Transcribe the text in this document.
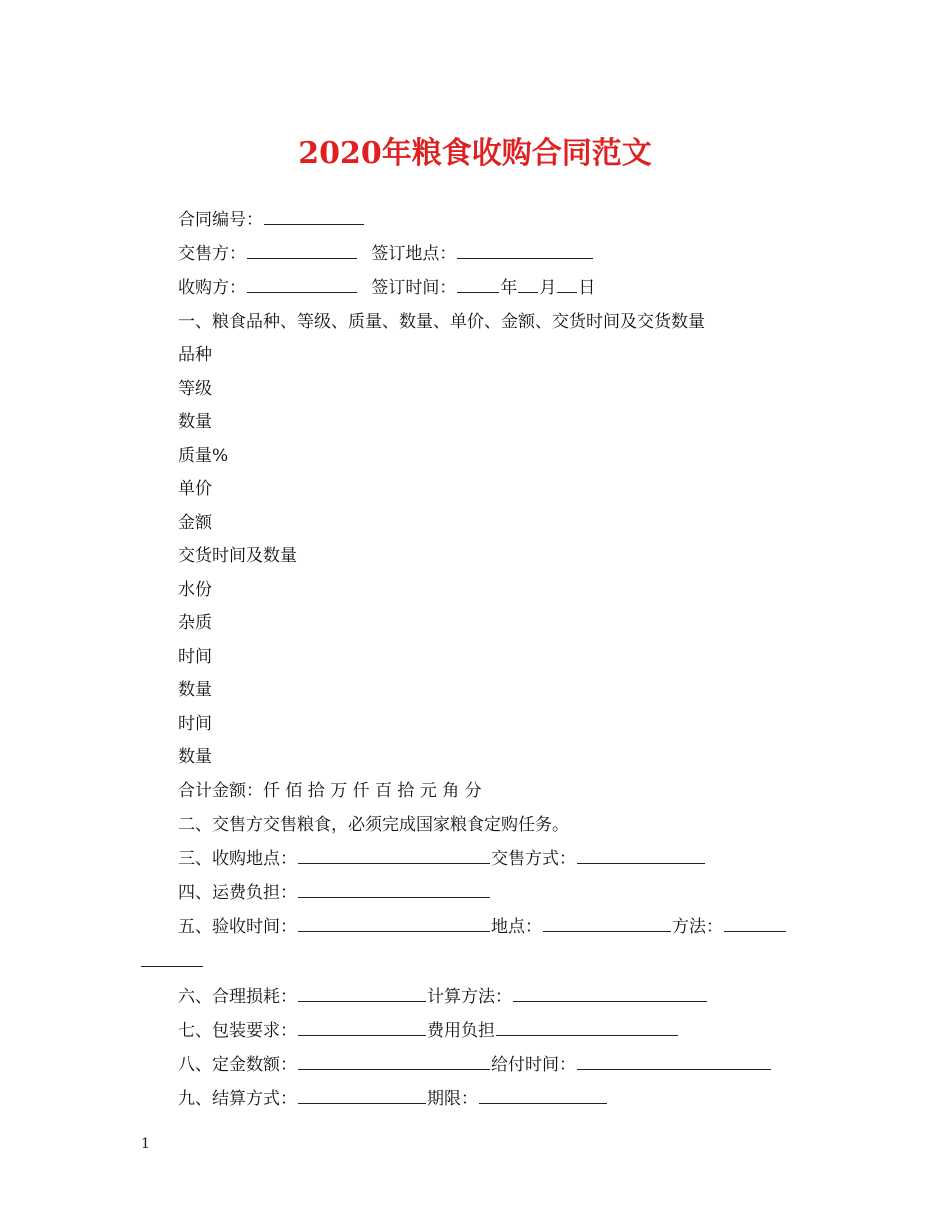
2020年粮食收购合同范文
合同编号：
交售方：	签订地点：
收购方：	签订时间：	年 月 日
一、粮食品种、等级、质量、数量、单价、金额、交货时间及交货数量
品种
等级
数量
质量%
单价
金额
交货时间及数量
水份
杂质
时间
数量
时间
数量
合计金额：仟 佰 拾 万 仟 百 拾 元 角 分
二、交售方交售粮食，必须完成国家粮食定购任务。
三、收购地点：	交售方式：
四、运费负担：
五、验收时间：	地点：	方法：
六、合理损耗：	计算方法：
七、包装要求：	费用负担
八、定金数额：	给付时间：
九、结算方式：	期限：
1
